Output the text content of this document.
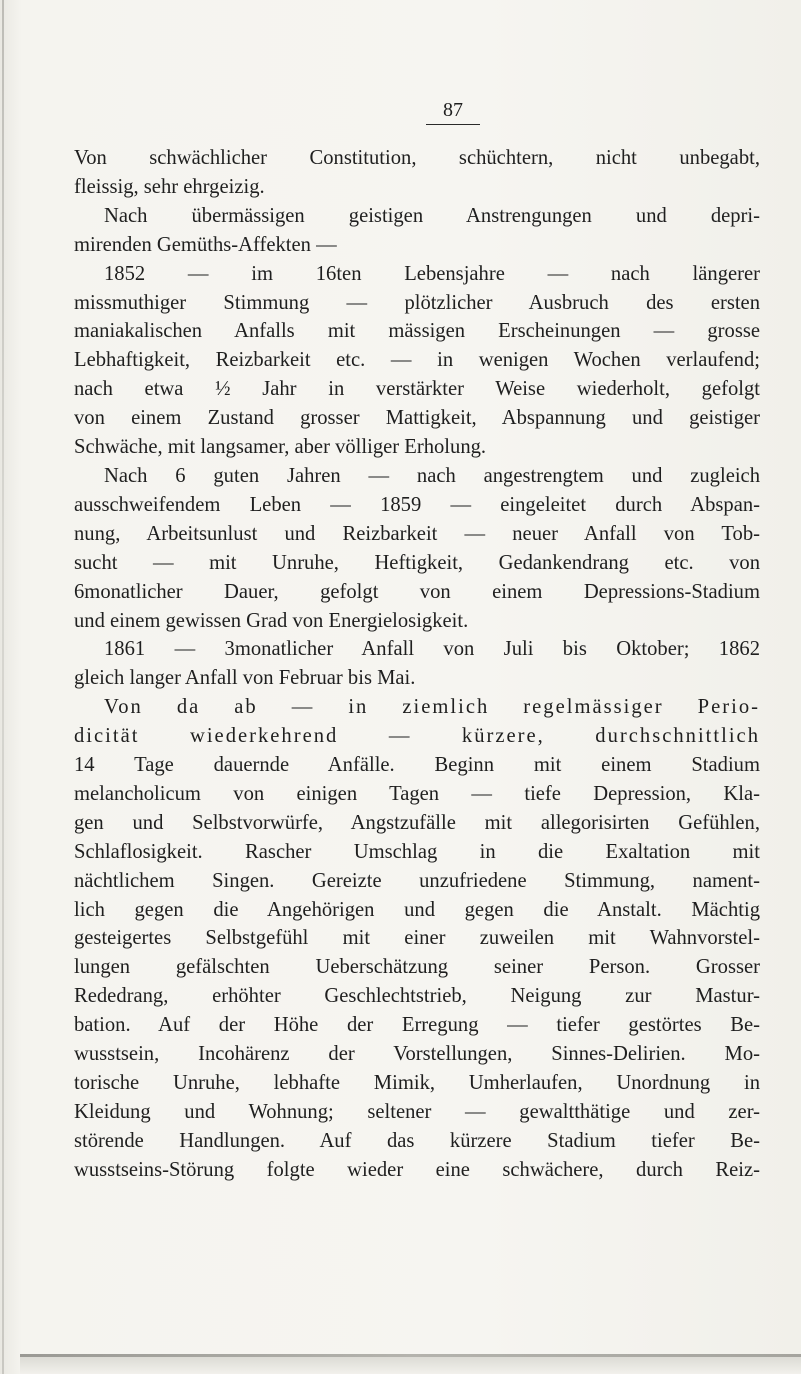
87
Von schwächlicher Constitution, schüchtern, nicht unbegabt,
fleissig, sehr ehrgeizig.
Nach übermässigen geistigen Anstrengungen und depri-
mirenden Gemüths-Affekten —
1852 — im 16ten Lebensjahre — nach längerer
missmuthiger Stimmung — plötzlicher Ausbruch des ersten
maniakalischen Anfalls mit mässigen Erscheinungen — grosse
Lebhaftigkeit, Reizbarkeit etc. — in wenigen Wochen verlaufend;
nach etwa ½ Jahr in verstärkter Weise wiederholt, gefolgt
von einem Zustand grosser Mattigkeit, Abspannung und geistiger
Schwäche, mit langsamer, aber völliger Erholung.
Nach 6 guten Jahren — nach angestrengtem und zugleich
ausschweifendem Leben — 1859 — eingeleitet durch Abspan-
nung, Arbeitsunlust und Reizbarkeit — neuer Anfall von Tob-
sucht — mit Unruhe, Heftigkeit, Gedankendrang etc. von
6monatlicher Dauer, gefolgt von einem Depressions-Stadium
und einem gewissen Grad von Energielosigkeit.
1861 — 3monatlicher Anfall von Juli bis Oktober; 1862
gleich langer Anfall von Februar bis Mai.
Von da ab — in ziemlich regelmässiger Perio-
dicität wiederkehrend — kürzere, durchschnittlich
14 Tage dauernde Anfälle. Beginn mit einem Stadium
melancholicum von einigen Tagen — tiefe Depression, Kla-
gen und Selbstvorwürfe, Angstzufälle mit allegorisirten Gefühlen,
Schlaflosigkeit. Rascher Umschlag in die Exaltation mit
nächtlichem Singen. Gereizte unzufriedene Stimmung, nament-
lich gegen die Angehörigen und gegen die Anstalt. Mächtig
gesteigertes Selbstgefühl mit einer zuweilen mit Wahnvorstel-
lungen gefälschten Ueberschätzung seiner Person. Grosser
Rededrang, erhöhter Geschlechtstrieb, Neigung zur Mastur-
bation. Auf der Höhe der Erregung — tiefer gestörtes Be-
wusstsein, Incohärenz der Vorstellungen, Sinnes-Delirien. Mo-
torische Unruhe, lebhafte Mimik, Umherlaufen, Unordnung in
Kleidung und Wohnung; seltener — gewaltthätige und zer-
störende Handlungen. Auf das kürzere Stadium tiefer Be-
wusstseins-Störung folgte wieder eine schwächere, durch Reiz-
